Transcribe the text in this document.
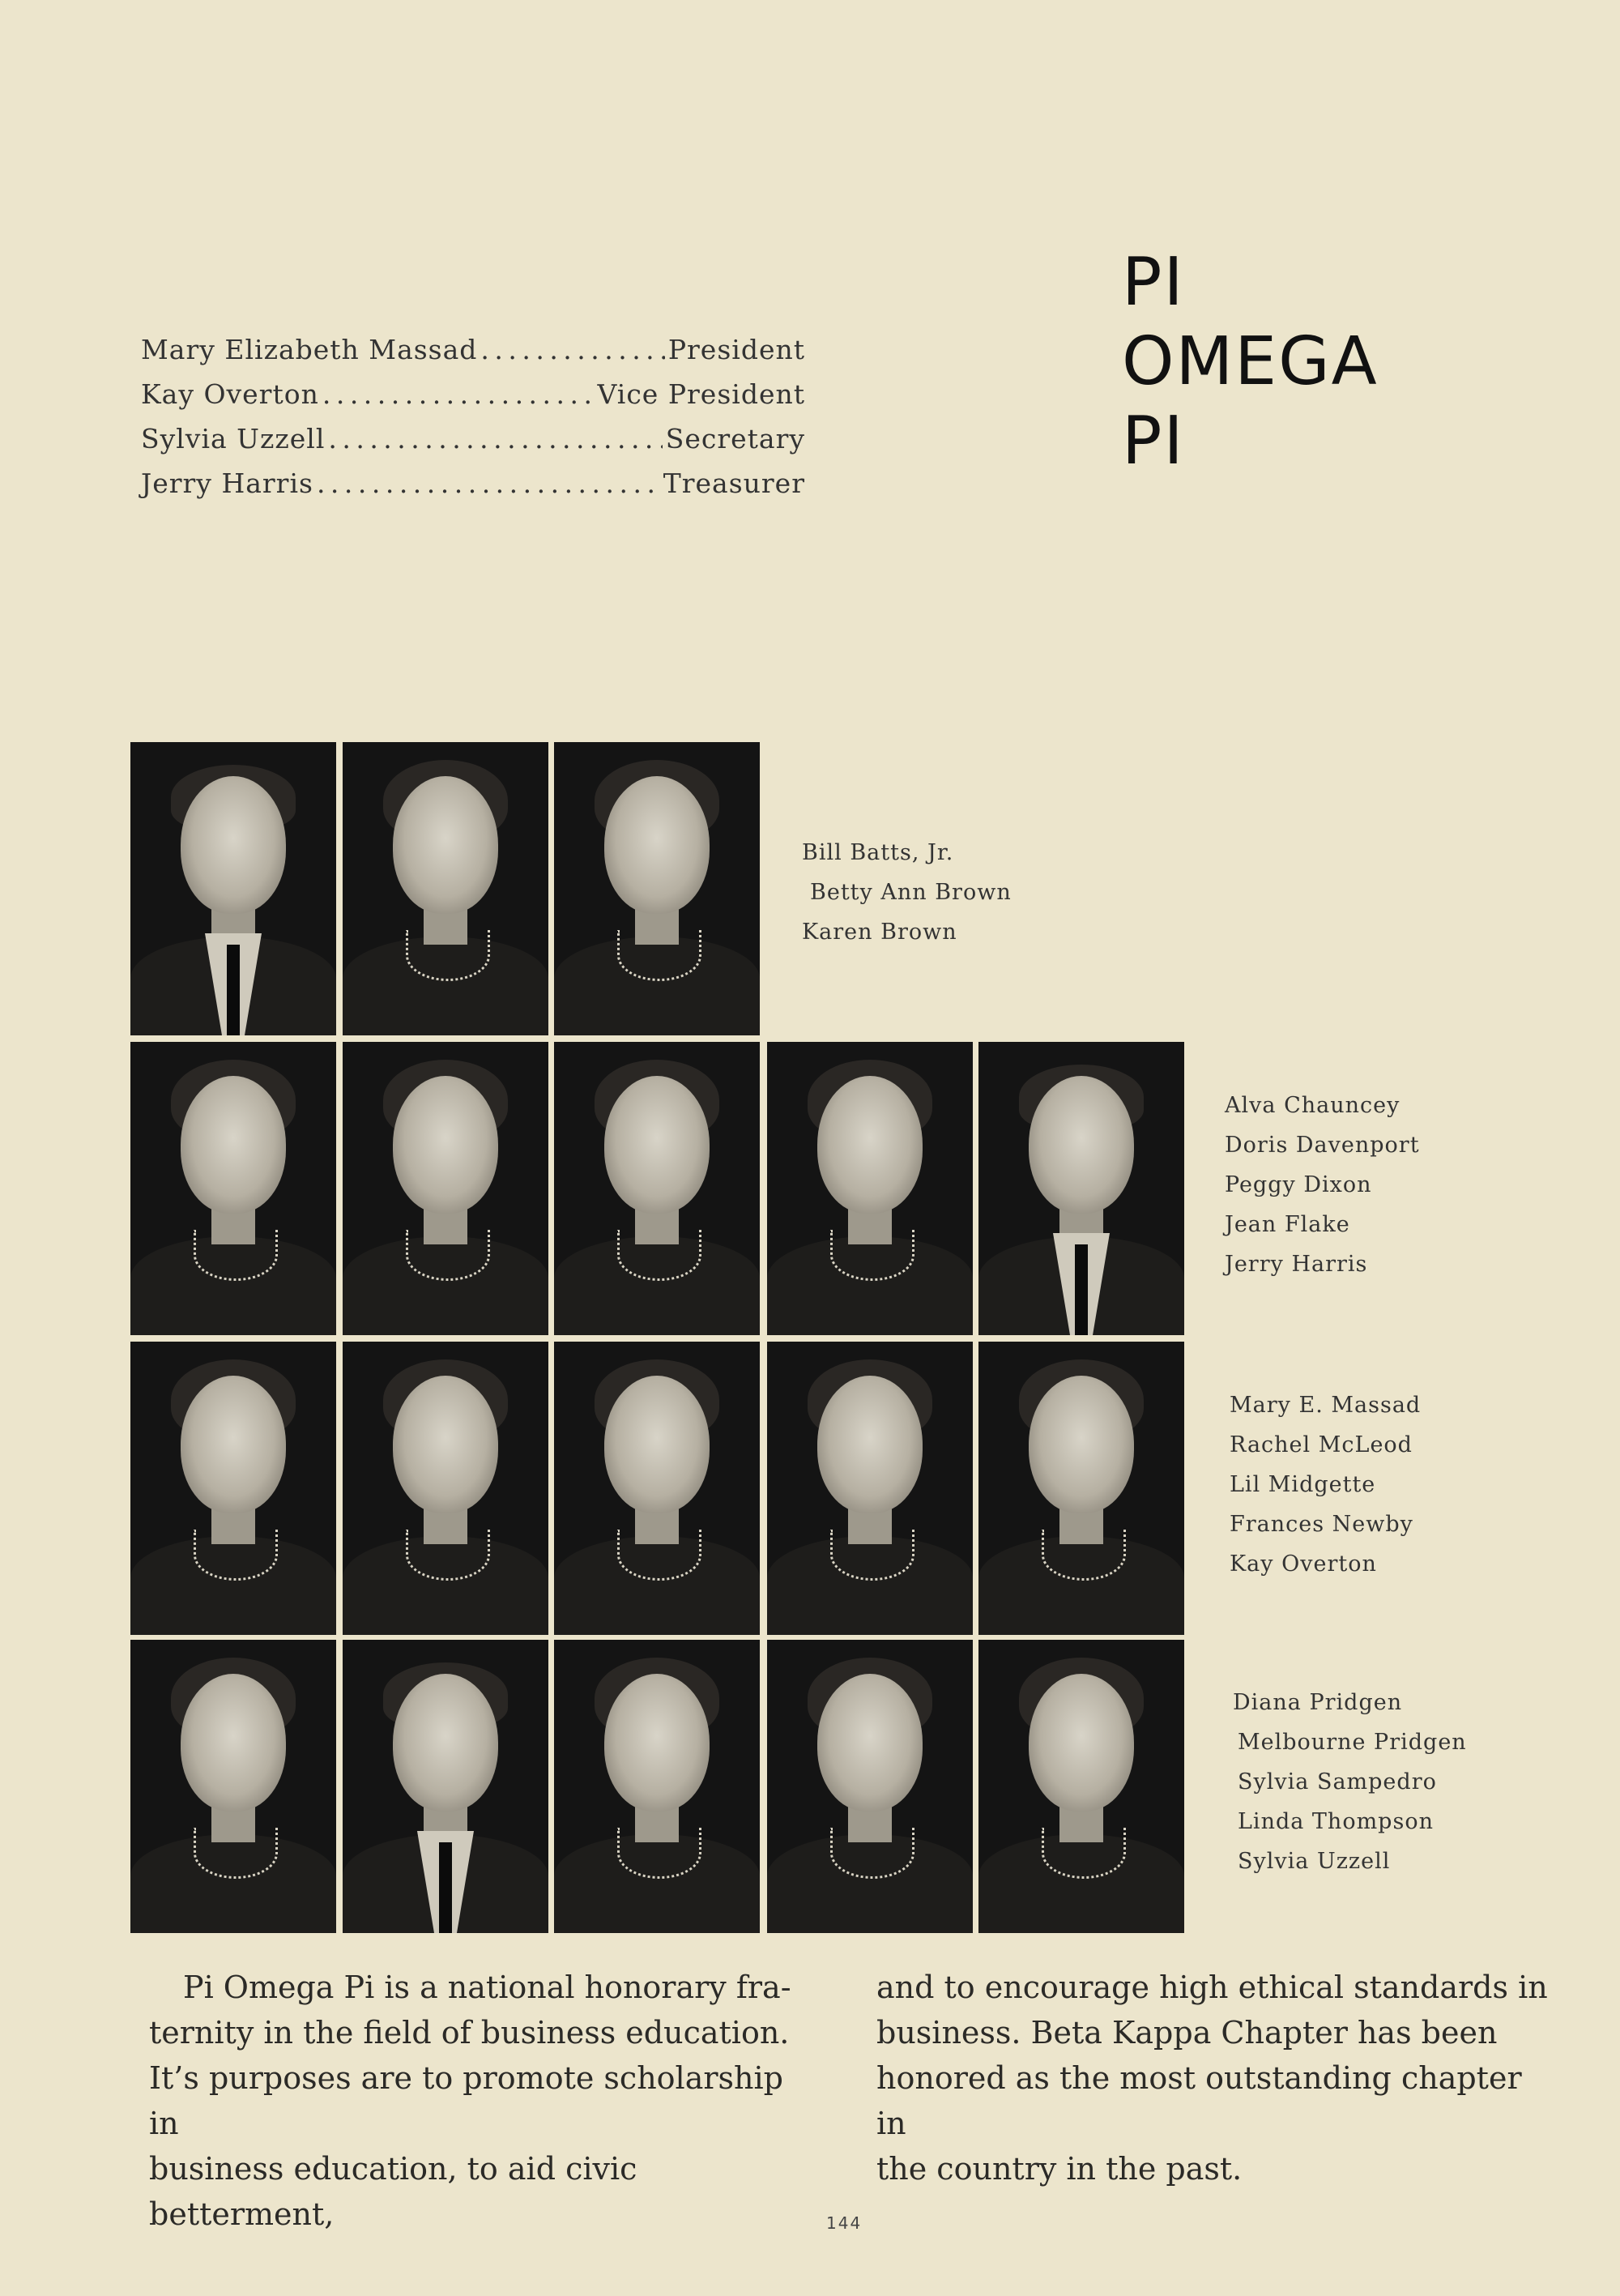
PI
OMEGA
PI
Mary Elizabeth Massad . . .	President
Kay Overton . . .	Vice President
Sylvia Uzzell . . .	Secretary
Jerry Harris . . .	Treasurer
Bill Batts, Jr.
Betty Ann Brown
Karen Brown
Alva Chauncey
Doris Davenport
Peggy Dixon
Jean Flake
Jerry Harris
Mary E. Massad
Rachel McLeod
Lil Midgette
Frances Newby
Kay Overton
Diana Pridgen
Melbourne Pridgen
Sylvia Sampedro
Linda Thompson
Sylvia Uzzell
Pi Omega Pi is a national honorary fra-
ternity in the field of business education.
It’s purposes are to promote scholarship in
business education, to aid civic betterment,
and to encourage high ethical standards in
business. Beta Kappa Chapter has been
honored as the most outstanding chapter in
the country in the past.
144
